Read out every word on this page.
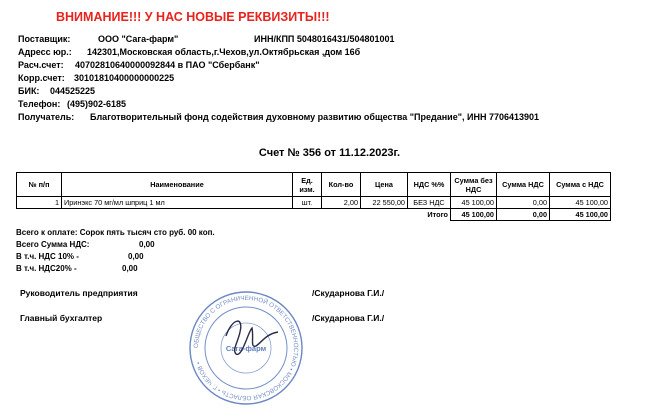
ВНИМАНИЕ!!! У НАС НОВЫЕ РЕКВИЗИТЫ!!!
Поставщик:	ООО "Сага-фарм"	ИНН/КПП 5048016431/504801001
Адресс юр.: 142301,Московская область,г.Чехов,ул.Октябрьская ,дом 16б
Расч.счет: 40702810640000092844 в ПАО "Сбербанк"
Корр.счет: 30101810400000000225
БИК: 044525225
Телефон: (495)902-6185
Получатель: Благотворительный фонд содействия духовному развитию общества "Предание", ИНН 7706413901
Счет № 356 от 11.12.2023г.
№ п/п	Наименование	Ед. изм.	Кол-во	Цена	НДС %%	Сумма без НДС	Сумма НДС	Сумма с НДС
1	Иринэкс 70 мг/мл шприц 1 мл	шт.	2,00	22 550,00	БЕЗ НДС	45 100,00	0,00	45 100,00
					Итого	45 100,00	0,00	45 100,00
Всего к оплате: Сорок пять тысяч сто руб. 00 коп.
Всего Сумма НДС:	0,00
В т.ч. НДС 10% -	0,00
В т.ч. НДС20% -	0,00
ОБЩЕСТВО С ОГРАНИЧЕННОЙ ОТВЕТСТВЕННОСТЬЮ • МОСКОВСКАЯ ОБЛАСТЬ • Г. ЧЕХОВ •
Сага-фарм
Руководитель предприятия	/Скударнова Г.И./
Главный бухгалтер	/Скударнова Г.И./
